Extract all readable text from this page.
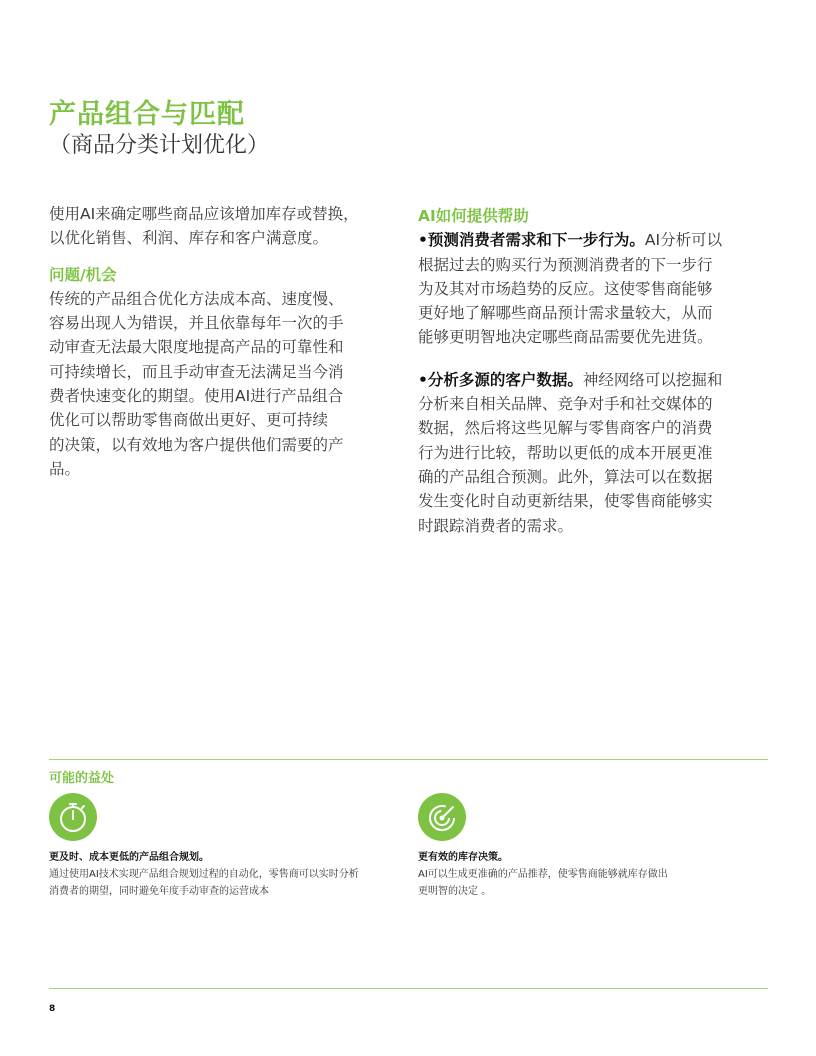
产品组合与匹配
（商品分类计划优化）

使用AI来确定哪些商品应该增加库存或替换，

以优化销售、利润、库存和客户满意度。

问题/机会

传统的产品组合优化方法成本高、速度慢、

容易出现人为错误，并且依靠每年一次的手

动审查无法最大限度地提高产品的可靠性和

可持续增长，而且手动审查无法满足当今消

费者快速变化的期望。使用AI进行产品组合

优化可以帮助零售商做出更好、更可持续

的决策，以有效地为客户提供他们需要的产

品。

AI如何提供帮助

•预测消费者需求和下一步行为。AI分析可以

根据过去的购买行为预测消费者的下一步行

为及其对市场趋势的反应。这使零售商能够

更好地了解哪些商品预计需求量较大，从而

能够更明智地决定哪些商品需要优先进货。

•分析多源的客户数据。神经网络可以挖掘和

分析来自相关品牌、竞争对手和社交媒体的

数据，然后将这些见解与零售商客户的消费

行为进行比较，帮助以更低的成本开展更准

确的产品组合预测。此外，算法可以在数据

发生变化时自动更新结果，使零售商能够实

时跟踪消费者的需求。

可能的益处

更及时、成本更低的产品组合规划。

通过使用AI技术实现产品组合规划过程的自动化，零售商可以实时分析

消费者的期望，同时避免年度手动审查的运营成本

更有效的库存决策。

AI可以生成更准确的产品推荐，使零售商能够就库存做出

更明智的决定 。

8
